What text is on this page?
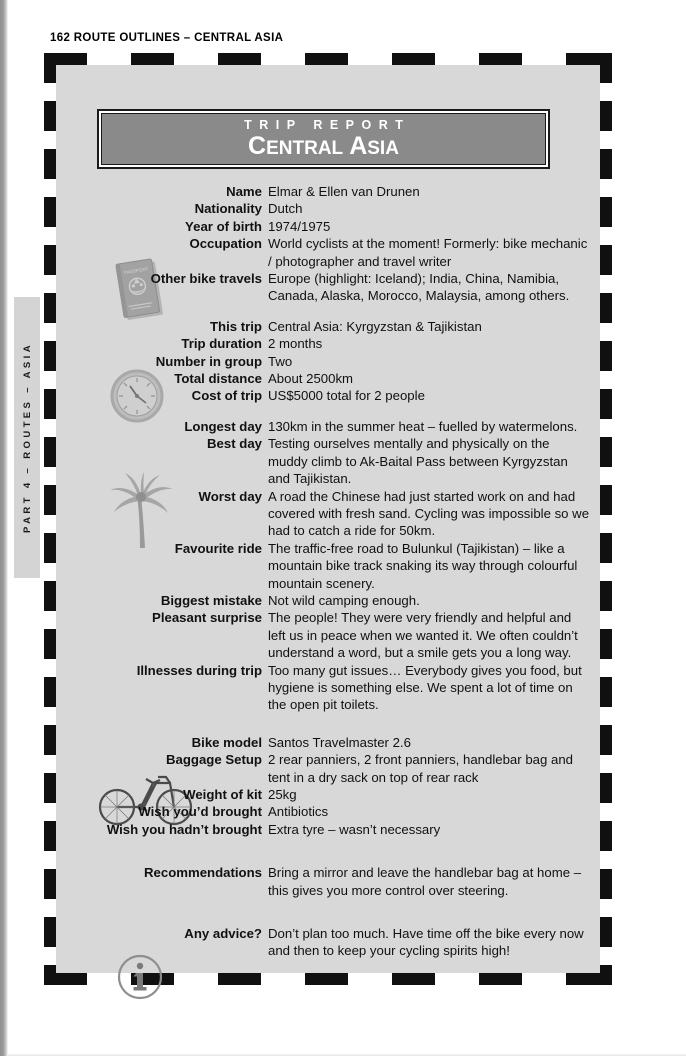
162 ROUTE OUTLINES – CENTRAL ASIA
PART 4 – ROUTES – ASIA
TRIP REPORT
CENTRAL ASIA
PASSPORT
Name Elmar & Ellen van Drunen
Nationality Dutch
Year of birth 1974/1975
Occupation World cyclists at the moment! Formerly: bike mechanic / photographer and travel writer
Other bike travels Europe (highlight: Iceland); India, China, Namibia, Canada, Alaska, Morocco, Malaysia, among others.
This trip Central Asia: Kyrgyzstan & Tajikistan
Trip duration 2 months
Number in group Two
Total distance About 2500km
Cost of trip US$5000 total for 2 people
Longest day 130km in the summer heat – fuelled by watermelons.
Best day Testing ourselves mentally and physically on the muddy climb to Ak-Baital Pass between Kyrgyzstan and Tajikistan.
Worst day A road the Chinese had just started work on and had covered with fresh sand. Cycling was impossible so we had to catch a ride for 50km.
Favourite ride The traffic-free road to Bulunkul (Tajikistan) – like a mountain bike track snaking its way through colourful mountain scenery.
Biggest mistake Not wild camping enough.
Pleasant surprise The people! They were very friendly and helpful and left us in peace when we wanted it. We often couldn’t understand a word, but a smile gets you a long way.
Illnesses during trip Too many gut issues… Everybody gives you food, but hygiene is something else. We spent a lot of time on the open pit toilets.
Bike model Santos Travelmaster 2.6
Baggage Setup 2 rear panniers, 2 front panniers, handlebar bag and tent in a dry sack on top of rear rack
Weight of kit 25kg
Wish you’d brought Antibiotics
Wish you hadn’t brought Extra tyre – wasn’t necessary
Recommendations Bring a mirror and leave the handlebar bag at home – this gives you more control over steering.
Any advice? Don’t plan too much. Have time off the bike every now and then to keep your cycling spirits high!
